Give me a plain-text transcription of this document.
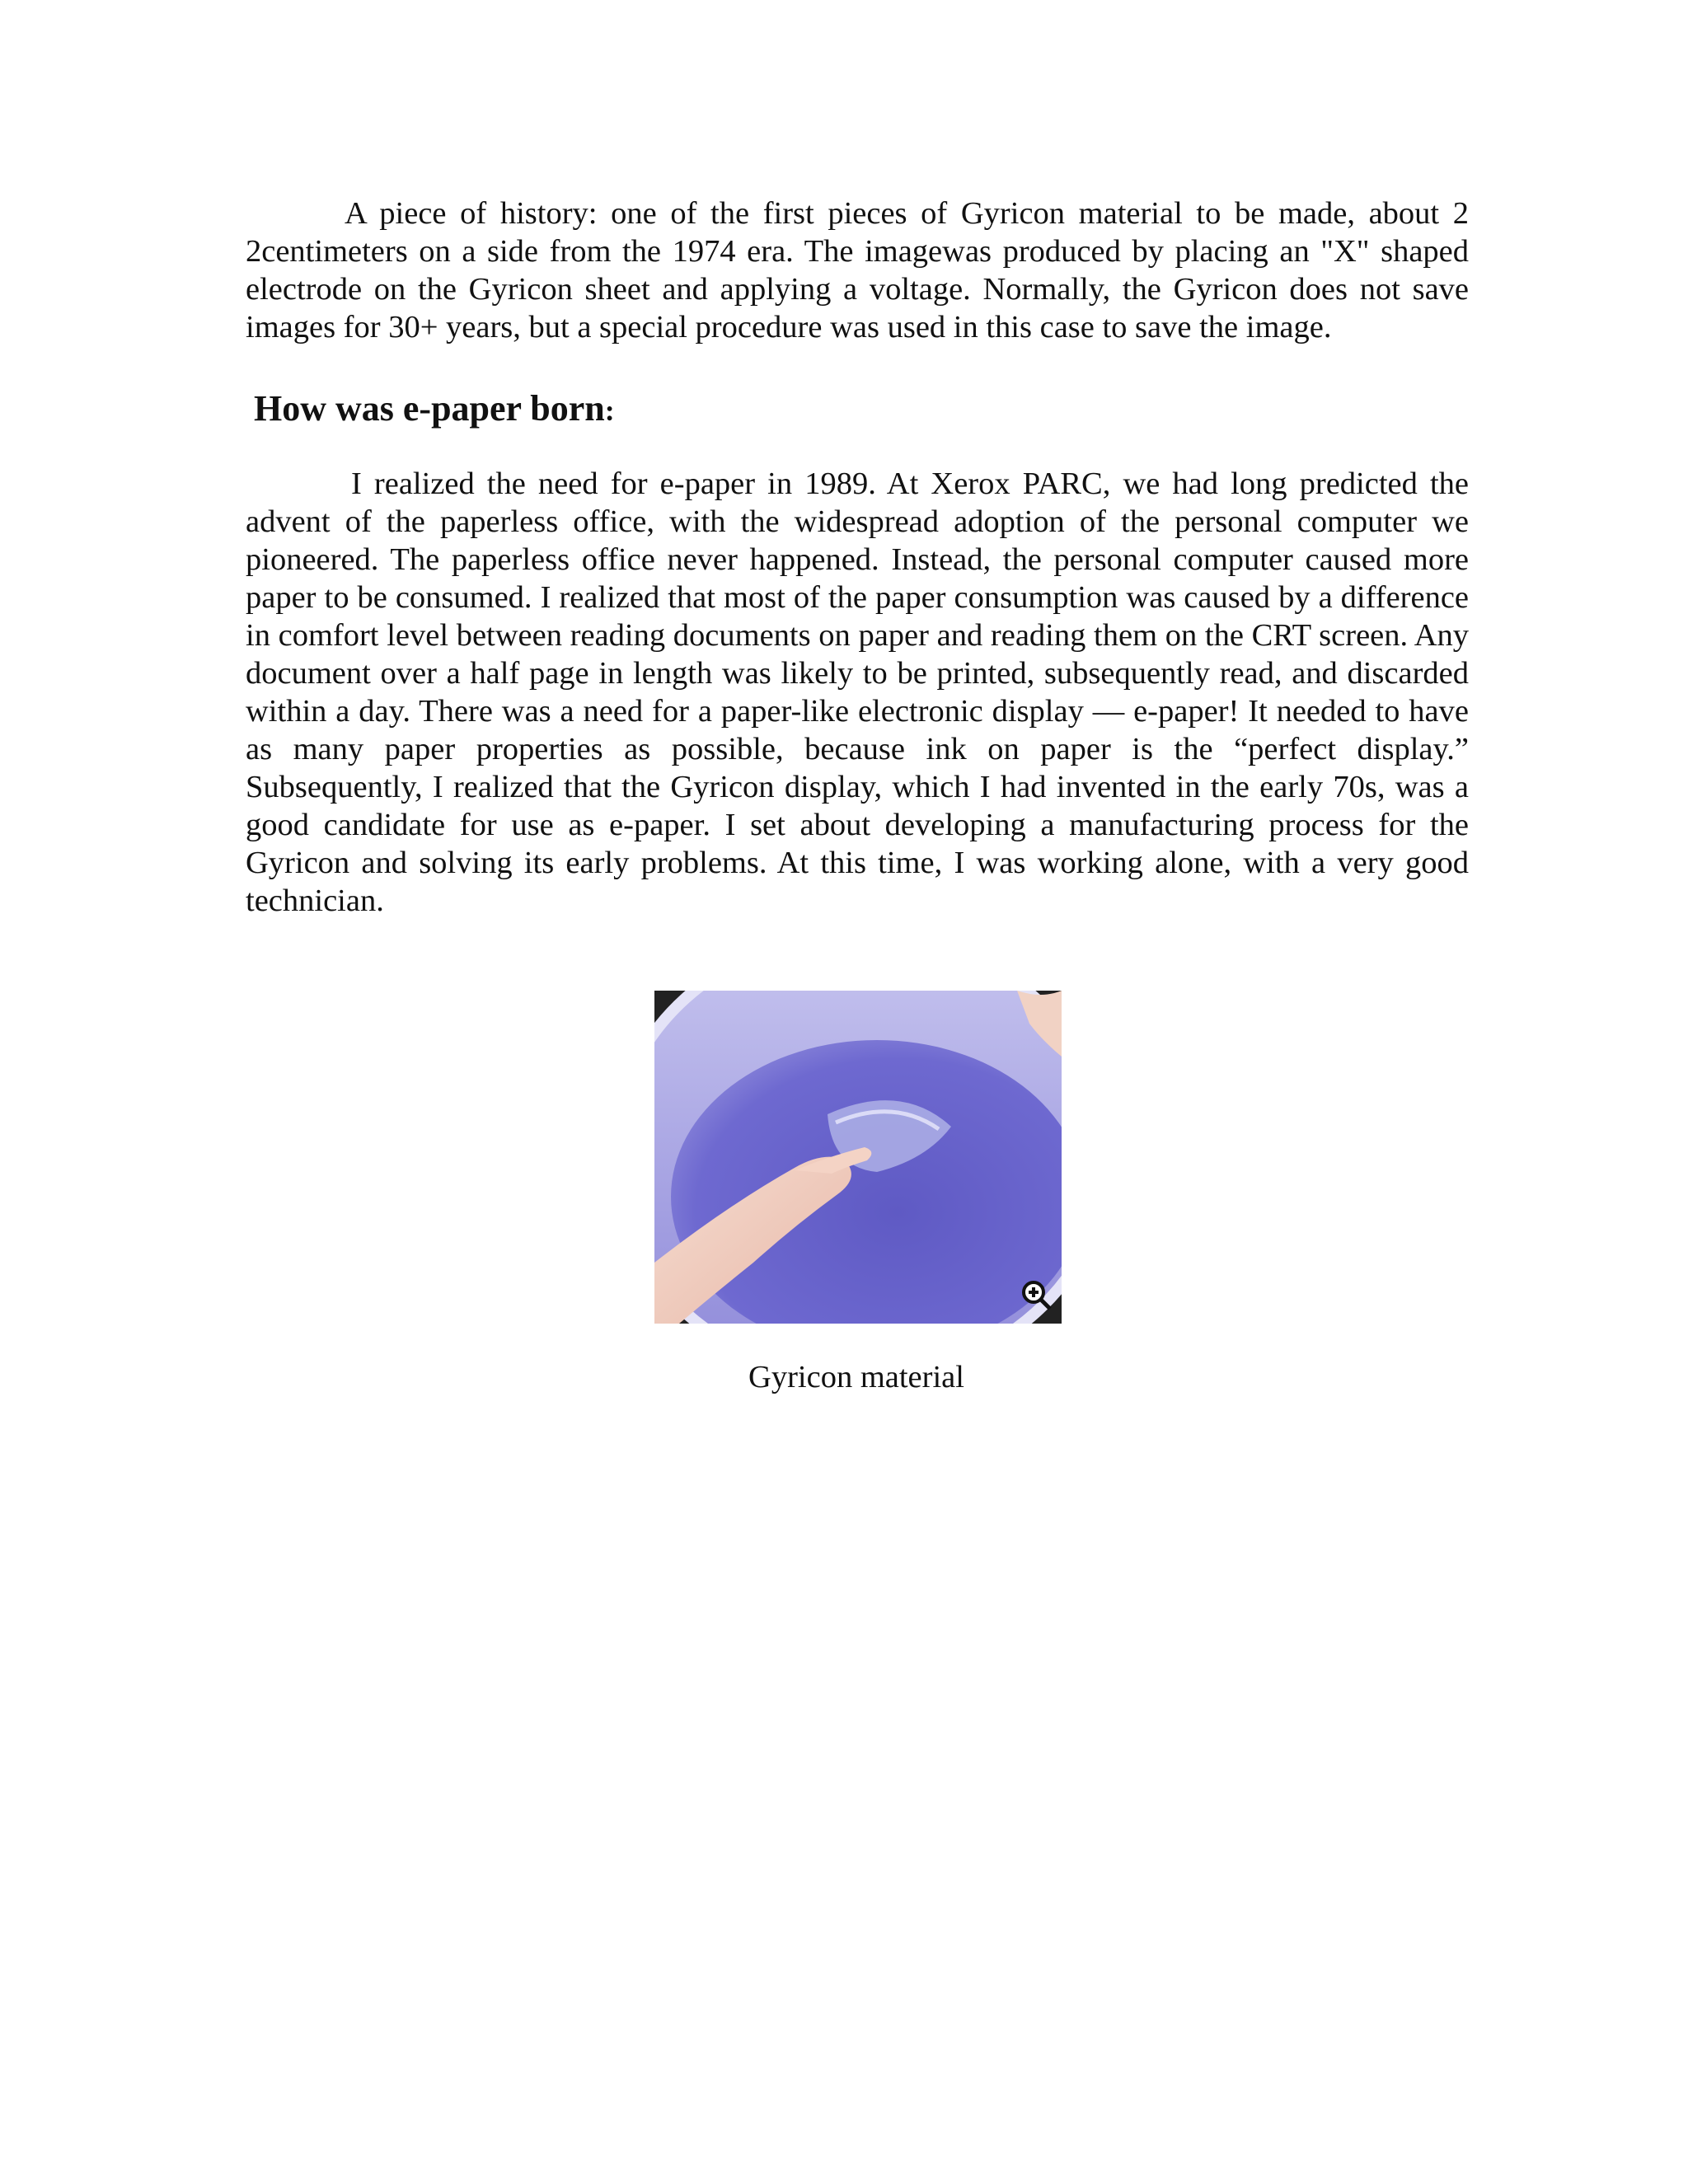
A piece of history: one of the first pieces of Gyricon material to be made, about 2 2centimeters on a side from the 1974 era. The imagewas produced by placing an "X" shaped electrode on the Gyricon sheet and applying a voltage. Normally, the Gyricon does not save images for 30+ years, but a special procedure was used in this case to save the image.

How was e-paper born:

I realized the need for e-paper in 1989. At Xerox PARC, we had long predicted the advent of the paperless office, with the widespread adoption of the personal computer we pioneered. The paperless office never happened. Instead, the personal computer caused more paper to be consumed. I realized that most of the paper consumption was caused by a difference in comfort level between reading documents on paper and reading them on the CRT screen. Any document over a half page in length was likely to be printed, subsequently read, and discarded within a day. There was a need for a paper-like electronic display — e-paper! It needed to have as many paper properties as possible, because ink on paper is the “perfect display.” Subsequently, I realized that the Gyricon display, which I had invented in the early 70s, was a good candidate for use as e-paper. I set about developing a manufacturing process for the Gyricon and solving its early problems. At this time, I was working alone, with a very good technician.

Gyricon material
